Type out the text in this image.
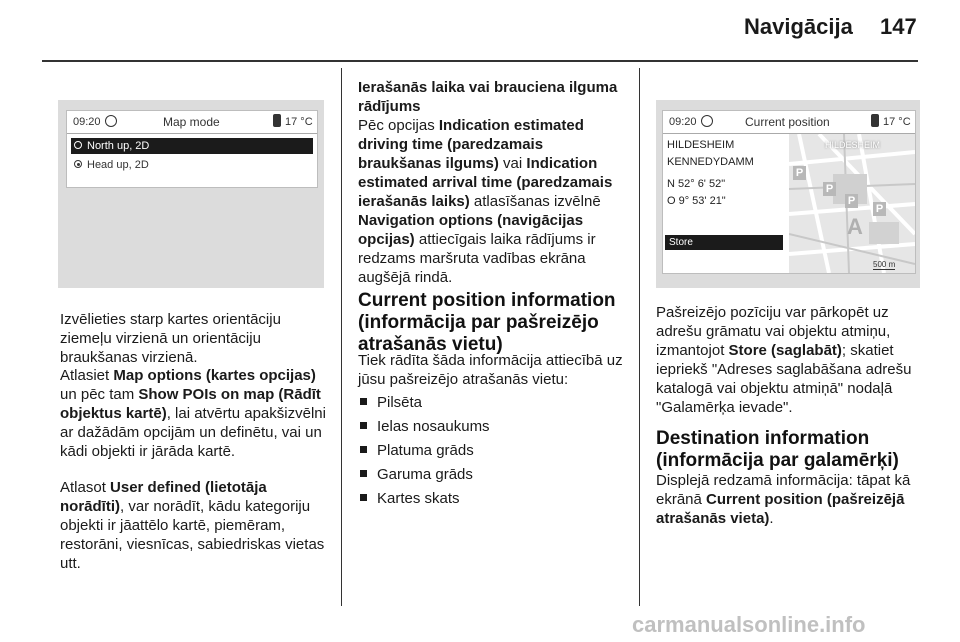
Navigācija 147
09:20	Map mode	17 °C
North up, 2D
Head up, 2D
09:20	Current position	17 °C
HILDESHEIM
KENNEDYDAMM
N 52° 6' 52"
O 9° 53' 21"
Store
HILDESHEIM
P
P
P
P
A
500 m
Izvēlieties starp kartes orientāciju ziemeļu virzienā un orientāciju braukšanas virzienā.
Atlasiet Map options (kartes opcijas) un pēc tam Show POIs on map (Rādīt objektus kartē), lai atvērtu apakšizvēlni ar dažādām opcijām un definētu, vai un kādi objekti ir jārāda kartē.
Atlasot User defined (lietotāja norādīti), var norādīt, kādu kategoriju objekti ir jāattēlo kartē, piemēram, restorāni, viesnīcas, sabiedriskas vietas utt.
Ierašanās laika vai brauciena ilguma rādījums
Pēc opcijas Indication estimated driving time (paredzamais braukšanas ilgums) vai Indication estimated arrival time (paredzamais ierašanās laiks) atlasīšanas izvēlnē Navigation options (navigācijas opcijas) attiecīgais laika rādījums ir redzams maršruta vadības ekrāna augšējā rindā.
Current position information (informācija par pašreizējo atrašanās vietu)
Tiek rādīta šāda informācija attiecībā uz jūsu pašreizējo atrašanās vietu:
Pilsēta
Ielas nosaukums
Platuma grāds
Garuma grāds
Kartes skats
Pašreizējo pozīciju var pārkopēt uz adrešu grāmatu vai objektu atmiņu, izmantojot Store (saglabāt); skatiet iepriekš "Adreses saglabāšana adrešu katalogā vai objektu atmiņā" nodaļā "Galamērķa ievade".
Destination information (informācija par galamērķi)
Displejā redzamā informācija: tāpat kā ekrānā Current position (pašreizējā atrašanās vieta).
carmanualsonline.info
